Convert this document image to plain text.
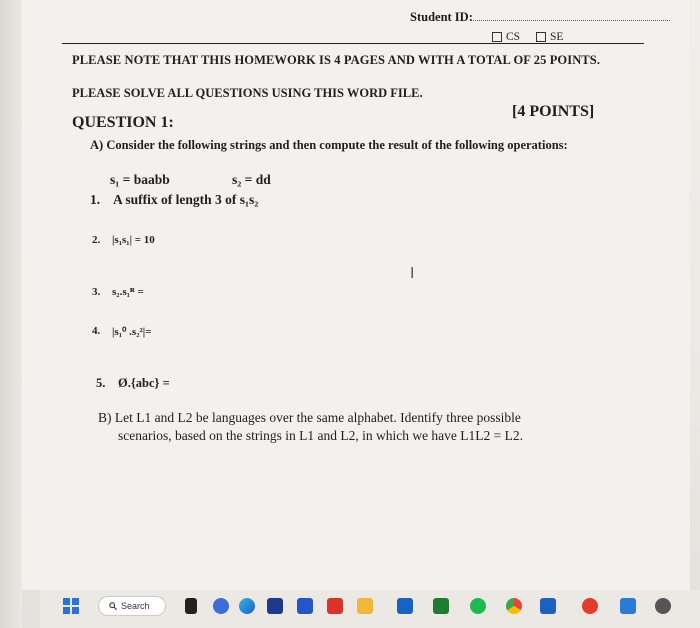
Student ID:
CS	SE
PLEASE NOTE THAT THIS HOMEWORK IS 4 PAGES AND WITH A TOTAL OF 25 POINTS.
PLEASE SOLVE ALL QUESTIONS USING THIS WORD FILE.
QUESTION 1:
[4 POINTS]
A) Consider the following strings and then compute the result of the following operations:
s₁ = baabb	s₂ = dd
1. A suffix of length 3 of s₁s₂
2. |s₁s₁| = 10
I
3. s₂.s₁ᴿ =
4. |s₁⁰ .s₂²|=
5. Ø.{abc} =
B) Let L1 and L2 be languages over the same alphabet. Identify three possible
scenarios, based on the strings in L1 and L2, in which we have L1L2 = L2.
Search
